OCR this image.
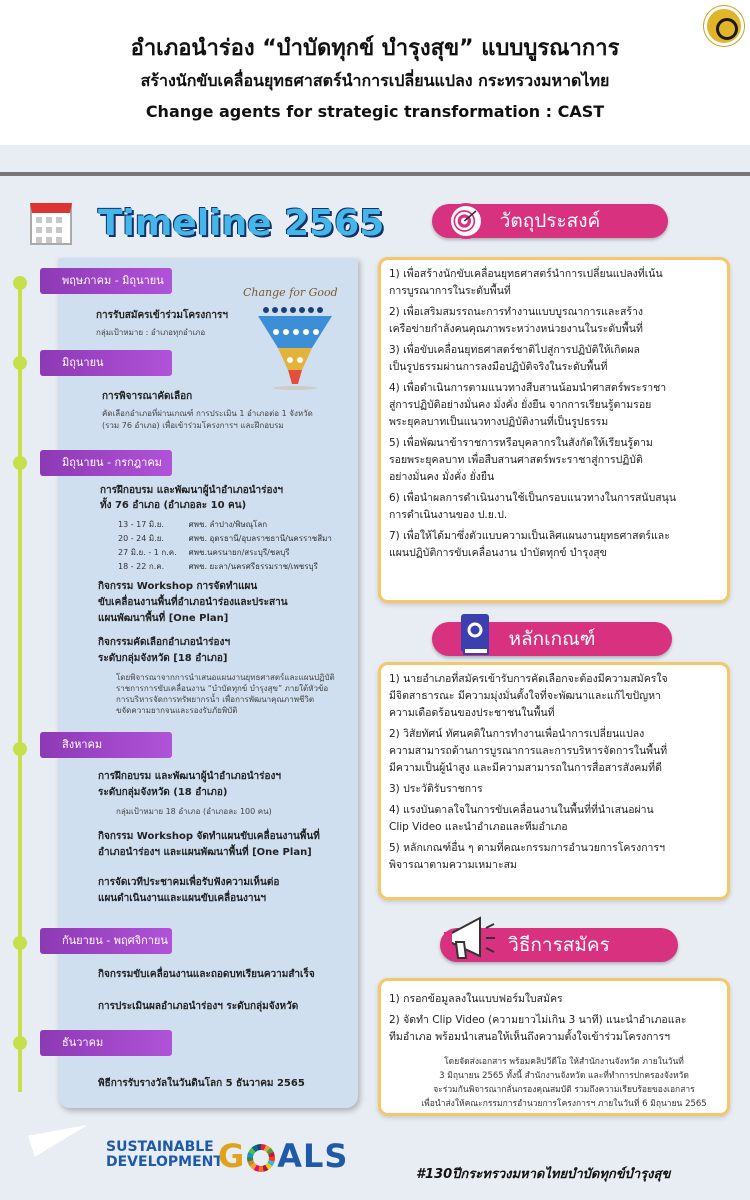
อำเภอนำร่อง “บำบัดทุกข์ บำรุงสุข” แบบบูรณาการ
สร้างนักขับเคลื่อนยุทธศาสตร์นำการเปลี่ยนแปลง กระทรวงมหาดไทย
Change agents for strategic transformation : CAST
Timeline 2565
Change for Good
พฤษภาคม - มิถุนายน
การรับสมัครเข้าร่วมโครงการฯ
กลุ่มเป้าหมาย : อำเภอทุกอำเภอ
มิถุนายน
การพิจารณาคัดเลือก
คัดเลือกอำเภอที่ผ่านเกณฑ์ การประเมิน 1 อำเภอต่อ 1 จังหวัด
(รวม 76 อำเภอ) เพื่อเข้าร่วมโครงการฯ และฝึกอบรม
มิถุนายน - กรกฎาคม
การฝึกอบรม และพัฒนาผู้นำอำเภอนำร่องฯ
ทั้ง 76 อำเภอ (อำเภอละ 10 คน)
13 - 17 มิ.ย.	ศพช. ลำปาง/พิษณุโลก
20 - 24 มิ.ย.	ศพช. อุดรธานี/อุบลราชธานี/นครราชสีมา
27 มิ.ย. - 1 ก.ค.	ศพช.นครนายก/สระบุรี/ชลบุรี
18 - 22 ก.ค.	ศพช. ยะลา/นครศรีธรรมราช/เพชรบุรี
กิจกรรม Workshop การจัดทำแผน
ขับเคลื่อนงานพื้นที่อำเภอนำร่องและประสาน
แผนพัฒนาพื้นที่ [One Plan]
กิจกรรมคัดเลือกอำเภอนำร่องฯ
ระดับกลุ่มจังหวัด [18 อำเภอ]
โดยพิจารณาจากการนำเสนอแผนงานยุทธศาสตร์และแผนปฏิบัติ
ราชการการขับเคลื่อนงาน “บำบัดทุกข์ บำรุงสุข” ภายใต้หัวข้อ
การบริหารจัดการทรัพยากรน้ำ เพื่อการพัฒนาคุณภาพชีวิต
ขจัดความยากจนและรองรับภัยพิบัติ
สิงหาคม
การฝึกอบรม และพัฒนาผู้นำอำเภอนำร่องฯ
ระดับกลุ่มจังหวัด (18 อำเภอ)
กลุ่มเป้าหมาย 18 อำเภอ (อำเภอละ 100 คน)
กิจกรรม Workshop จัดทำแผนขับเคลื่อนงานพื้นที่
อำเภอนำร่องฯ และแผนพัฒนาพื้นที่ [One Plan]
การจัดเวทีประชาคมเพื่อรับฟังความเห็นต่อ
แผนดำเนินงานและแผนขับเคลื่อนงานฯ
กันยายน - พฤศจิกายน
กิจกรรมขับเคลื่อนงานและถอดบทเรียนความสำเร็จ
การประเมินผลอำเภอนำร่องฯ ระดับกลุ่มจังหวัด
ธันวาคม
พิธีการรับรางวัลในวันดินโลก 5 ธันวาคม 2565
วัตถุประสงค์

1) เพื่อสร้างนักขับเคลื่อนยุทธศาสตร์นำการเปลี่ยนแปลงที่เน้น
การบูรณาการในระดับพื้นที่

2) เพื่อเสริมสมรรถนะการทำงานแบบบูรณาการและสร้าง
เครือข่ายกำลังคนคุณภาพระหว่างหน่วยงานในระดับพื้นที่

3) เพื่อขับเคลื่อนยุทธศาสตร์ชาติไปสู่การปฏิบัติให้เกิดผล
เป็นรูปธรรมผ่านการลงมือปฏิบัติจริงในระดับพื้นที่

4) เพื่อดำเนินการตามแนวทางสืบสานน้อมนำศาสตร์พระราชา
สู่การปฏิบัติอย่างมั่นคง มั่งคั่ง ยั่งยืน จากการเรียนรู้ตามรอย
พระยุคลบาทเป็นแนวทางปฏิบัติงานที่เป็นรูปธรรม

5) เพื่อพัฒนาข้าราชการหรือบุคลากรในสังกัดให้เรียนรู้ตาม
รอยพระยุคลบาท เพื่อสืบสานศาสตร์พระราชาสู่การปฏิบัติ
อย่างมั่นคง มั่งคั่ง ยั่งยืน

6) เพื่อนำผลการดำเนินงานใช้เป็นกรอบแนวทางในการสนับสนุน
การดำเนินงานของ ป.ย.ป.

7) เพื่อให้ได้มาซึ่งตัวแบบความเป็นเลิศแผนงานยุทธศาสตร์และ
แผนปฏิบัติการขับเคลื่อนงาน บำบัดทุกข์ บำรุงสุข

หลักเกณฑ์

1) นายอำเภอที่สมัครเข้ารับการคัดเลือกจะต้องมีความสมัครใจ
มีจิตสาธารณะ มีความมุ่งมั่นตั้งใจที่จะพัฒนาและแก้ไขปัญหา
ความเดือดร้อนของประชาชนในพื้นที่

2) วิสัยทัศน์ ทัศนคติในการทำงานเพื่อนำการเปลี่ยนแปลง
ความสามารถด้านการบูรณาการและการบริหารจัดการในพื้นที่
มีความเป็นผู้นำสูง และมีความสามารถในการสื่อสารสังคมที่ดี

3) ประวัติรับราชการ

4) แรงบันดาลใจในการขับเคลื่อนงานในพื้นที่ที่นำเสนอผ่าน
Clip Video และนำอำเภอและทีมอำเภอ

5) หลักเกณฑ์อื่น ๆ ตามที่คณะกรรมการอำนวยการโครงการฯ
พิจารณาตามความเหมาะสม

วิธีการสมัคร

1) กรอกข้อมูลลงในแบบฟอร์มใบสมัคร

2) จัดทำ Clip Video (ความยาวไม่เกิน 3 นาที) แนะนำอำเภอและ
ทีมอำเภอ พร้อมนำเสนอให้เห็นถึงความตั้งใจเข้าร่วมโครงการฯ

โดยจัดส่งเอกสาร พร้อมคลิปวีดีโอ ให้สำนักงานจังหวัด ภายในวันที่
3 มิถุนายน 2565 ทั้งนี้ สำนักงานจังหวัด และที่ทำการปกครองจังหวัด
จะร่วมกันพิจารณากลั่นกรองคุณสมบัติ รวมถึงความเรียบร้อยของเอกสาร
เพื่อนำส่งให้คณะกรรมการอำนวยการโครงการฯ ภายในวันที่ 6 มิถุนายน 2565
SUSTAINABLE
DEVELOPMENT
G ALS	#130ปีกระทรวงมหาดไทยบำบัดทุกข์บำรุงสุข
